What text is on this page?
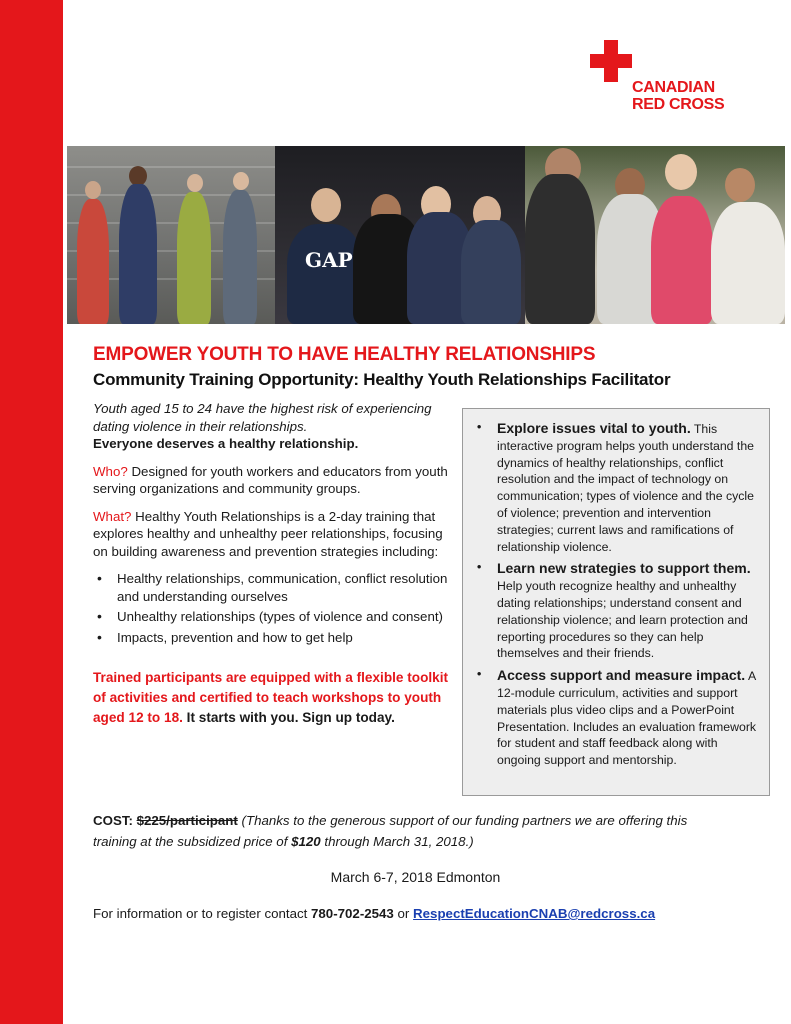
CANADIAN
RED CROSS
GAP
EMPOWER YOUTH TO HAVE HEALTHY RELATIONSHIPS
Community Training Opportunity: Healthy Youth Relationships Facilitator

Youth aged 15 to 24 have the highest risk of experiencing dating violence in their relationships.
Everyone deserves a healthy relationship.

Who? Designed for youth workers and educators from youth serving organizations and community groups.

What? Healthy Youth Relationships is a 2-day training that explores healthy and unhealthy peer relationships, focusing on building awareness and prevention strategies including:

• Healthy relationships, communication, conflict resolution and understanding ourselves
• Unhealthy relationships (types of violence and consent)
• Impacts, prevention and how to get help

Trained participants are equipped with a flexible toolkit of activities and certified to teach workshops to youth aged 12 to 18. It starts with you. Sign up today.

• Explore issues vital to youth. This interactive program helps youth understand the dynamics of healthy relationships, conflict resolution and the impact of technology on communication; types of violence and the cycle of violence; prevention and intervention strategies; current laws and ramifications of relationship violence.
• Learn new strategies to support them. Help youth recognize healthy and unhealthy dating relationships; understand consent and relationship violence; and learn protection and reporting procedures so they can help themselves and their friends.
• Access support and measure impact. A 12-module curriculum, activities and support materials plus video clips and a PowerPoint Presentation. Includes an evaluation framework for student and staff feedback along with ongoing support and mentorship.
COST: $225/participant (Thanks to the generous support of our funding partners we are offering this training at the subsidized price of $120 through March 31, 2018.)
March 6-7, 2018 Edmonton
For information or to register contact 780-702-2543 or RespectEducationCNAB@redcross.ca
